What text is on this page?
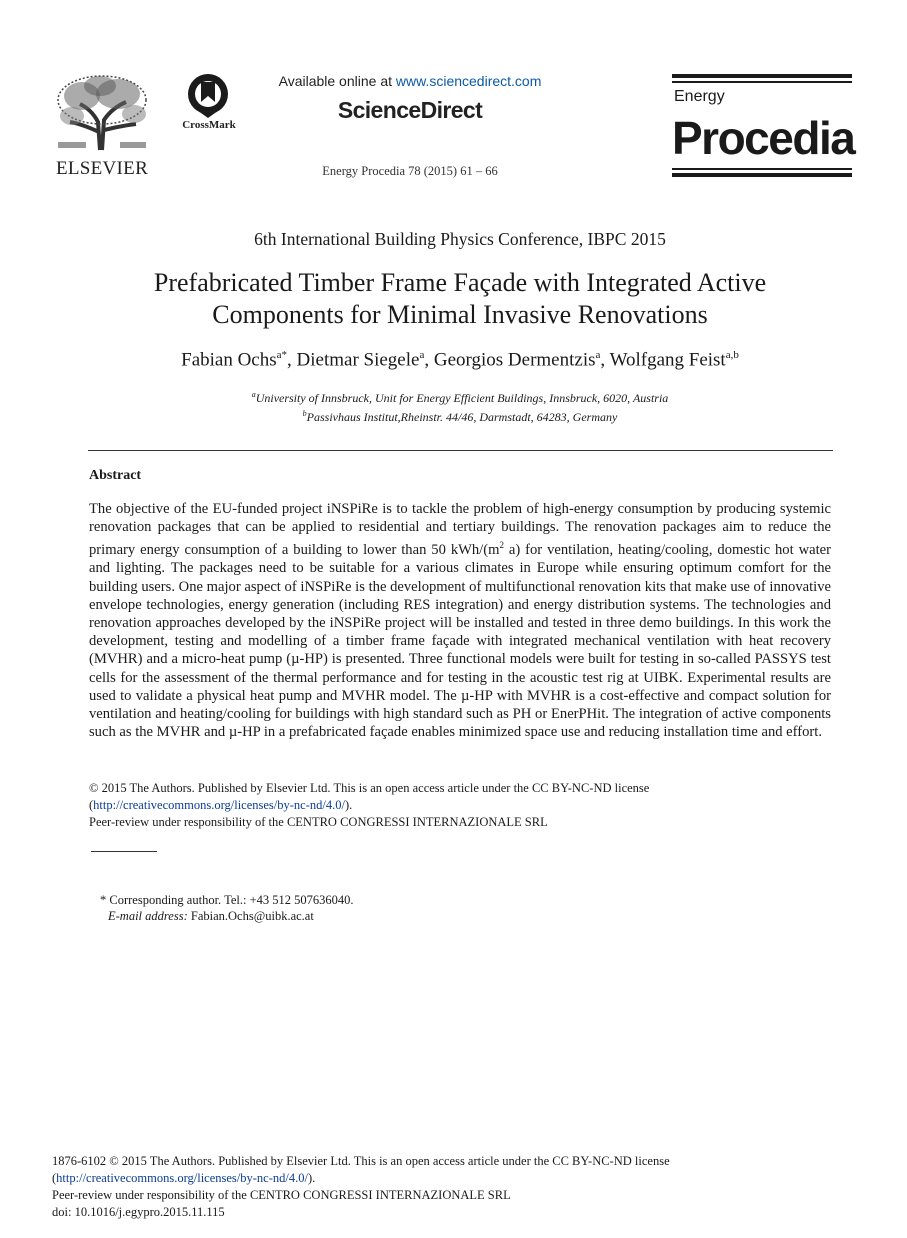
ELSEVIER
CrossMark
Available online at www.sciencedirect.com
ScienceDirect
Energy Procedia 78 (2015) 61 – 66
Energy
Procedia
6th International Building Physics Conference, IBPC 2015
Prefabricated Timber Frame Façade with Integrated Active
Components for Minimal Invasive Renovations
Fabian Ochs$^{a*}$, Dietmar Siegele$^a$, Georgios Dermentzis$^a$, Wolfgang Feist$^{a,b}$
$^a$University of Innsbruck, Unit for Energy Efficient Buildings, Innsbruck, 6020, Austria
$^b$Passivhaus Institut,Rheinstr. 44/46, Darmstadt, 64283, Germany
Abstract
The objective of the EU-funded project iNSPiRe is to tackle the problem of high-energy consumption by producing systemic renovation packages that can be applied to residential and tertiary buildings. The renovation packages aim to reduce the primary energy consumption of a building to lower than 50 kWh/($m^2$ a) for ventilation, heating/cooling, domestic hot water and lighting. The packages need to be suitable for a various climates in Europe while ensuring optimum comfort for the building users. One major aspect of iNSPiRe is the development of multifunctional renovation kits that make use of innovative envelope technologies, energy generation (including RES integration) and energy distribution systems. The technologies and renovation approaches developed by the iNSPiRe project will be installed and tested in three demo buildings. In this work the development, testing and modelling of a timber frame façade with integrated mechanical ventilation with heat recovery (MVHR) and a micro-heat pump (µ-HP) is presented. Three functional models were built for testing in so-called PASSYS test cells for the assessment of the thermal performance and for testing in the acoustic test rig at UIBK. Experimental results are used to validate a physical heat pump and MVHR model. The µ-HP with MVHR is a cost-effective and compact solution for ventilation and heating/cooling for buildings with high standard such as PH or EnerPHit. The integration of active components such as the MVHR and µ-HP in a prefabricated façade enables minimized space use and reducing installation time and effort.
© 2015 The Authors. Published by Elsevier Ltd. This is an open access article under the CC BY-NC-ND license
(http://creativecommons.org/licenses/by-nc-nd/4.0/).
Peer-review under responsibility of the CENTRO CONGRESSI INTERNAZIONALE SRL
* Corresponding author. Tel.: +43 512 507636040.
E-mail address: Fabian.Ochs@uibk.ac.at
1876-6102 © 2015 The Authors. Published by Elsevier Ltd. This is an open access article under the CC BY-NC-ND license
(http://creativecommons.org/licenses/by-nc-nd/4.0/).
Peer-review under responsibility of the CENTRO CONGRESSI INTERNAZIONALE SRL
doi: 10.1016/j.egypro.2015.11.115
